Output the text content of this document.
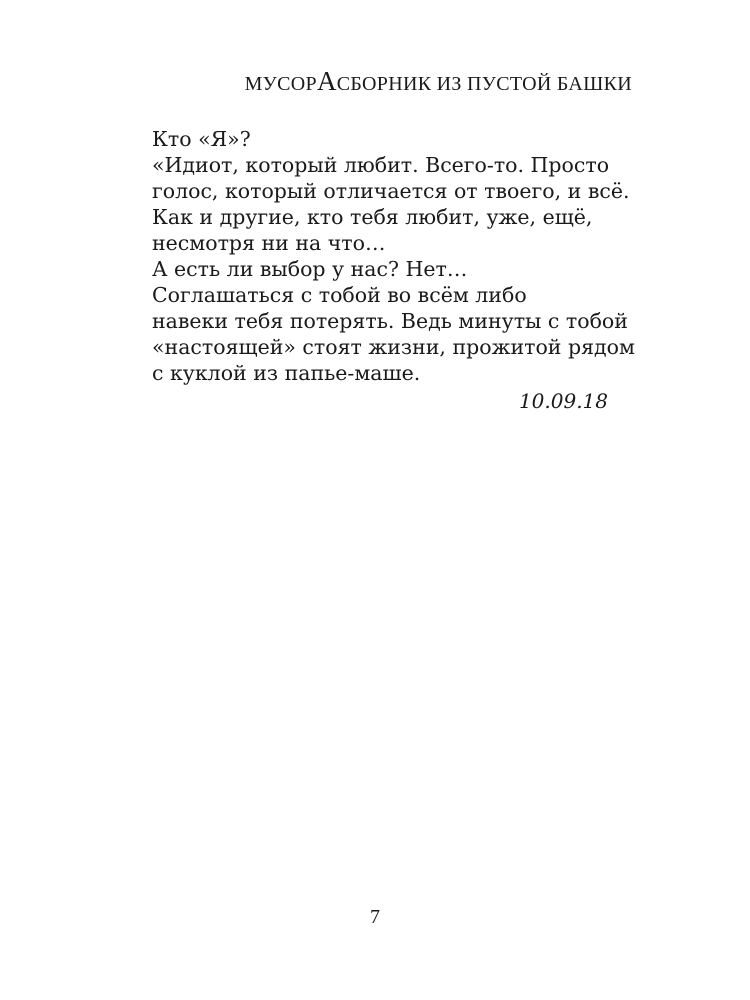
МУСОРАСБОРНИК ИЗ ПУСТОЙ БАШКИ
Кто «Я»?
«Идиот, который любит. Всего-то. Просто
голос, который отличается от твоего, и всё.
Как и другие, кто тебя любит, уже, ещё,
несмотря ни на что…
А есть ли выбор у нас? Нет…
Соглашаться с тобой во всём либо
навеки тебя потерять. Ведь минуты с тобой
«настоящей» стоят жизни, прожитой рядом
с куклой из папье-маше.
10.09.18
7
